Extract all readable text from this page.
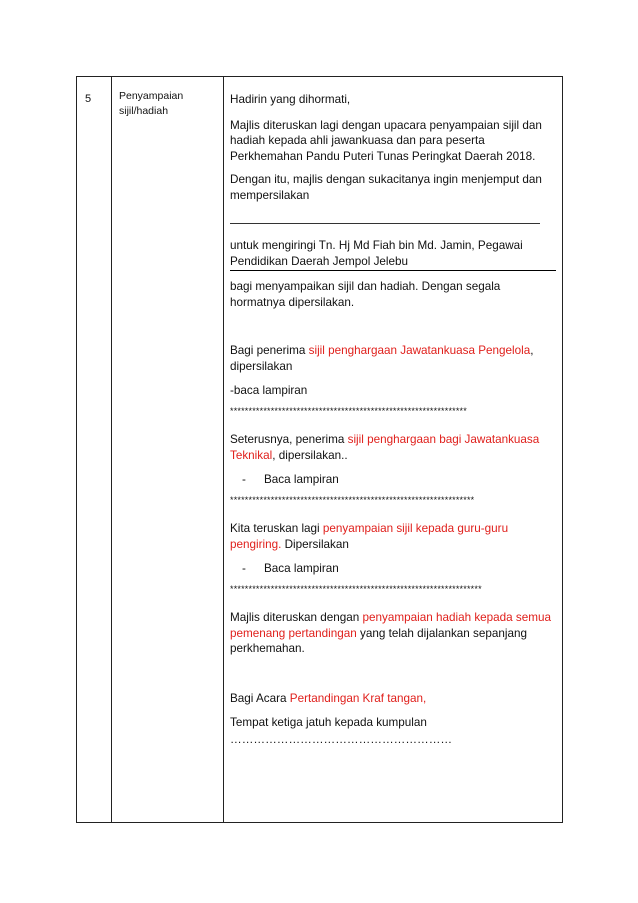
5	Penyampaian
sijil/hadiah

Hadirin yang dihormati,

Majlis diteruskan lagi dengan upacara penyampaian sijil dan hadiah kepada ahli jawankuasa dan para peserta Perkhemahan Pandu Puteri Tunas Peringkat Daerah 2018.

Dengan itu, majlis dengan sukacitanya ingin menjemput dan mempersilakan

untuk mengiringi Tn. Hj Md Fiah bin Md. Jamin, Pegawai Pendidikan Daerah Jempol Jelebu

bagi menyampaikan sijil dan hadiah. Dengan segala hormatnya dipersilakan.

Bagi penerima sijil penghargaan Jawatankuasa Pengelola, dipersilakan

-baca lampiran

****************************************************************

Seterusnya, penerima sijil penghargaan bagi Jawatankuasa Teknikal, dipersilakan..

- Baca lampiran

******************************************************************

Kita teruskan lagi penyampaian sijil kepada guru-guru pengiring. Dipersilakan

- Baca lampiran

********************************************************************

Majlis diteruskan dengan penyampaian hadiah kepada semua pemenang pertandingan yang telah dijalankan sepanjang perkhemahan.

Bagi Acara Pertandingan Kraf tangan,

Tempat ketiga jatuh kepada kumpulan

…………………………………………………
